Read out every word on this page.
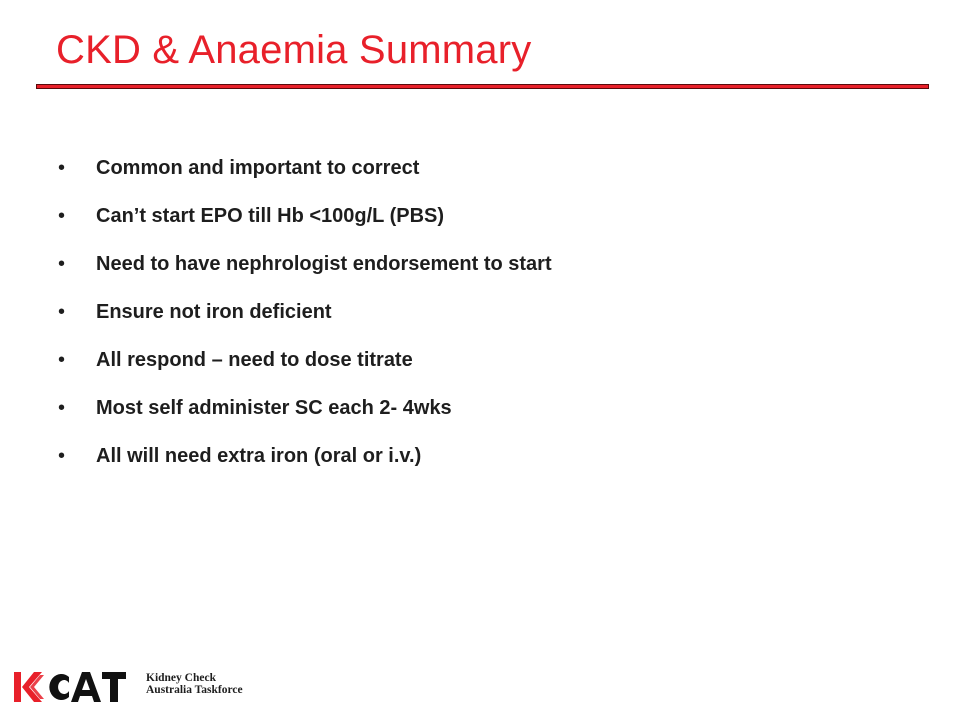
CKD & Anaemia Summary
•	Common and important to correct
•	Can’t start EPO till Hb <100g/L (PBS)
•	Need to have nephrologist endorsement to start
•	Ensure not iron deficient
•	All respond – need to dose titrate
•	Most self administer SC each 2- 4wks
•	All will need extra iron (oral or i.v.)
Kidney Check
Australia Taskforce
